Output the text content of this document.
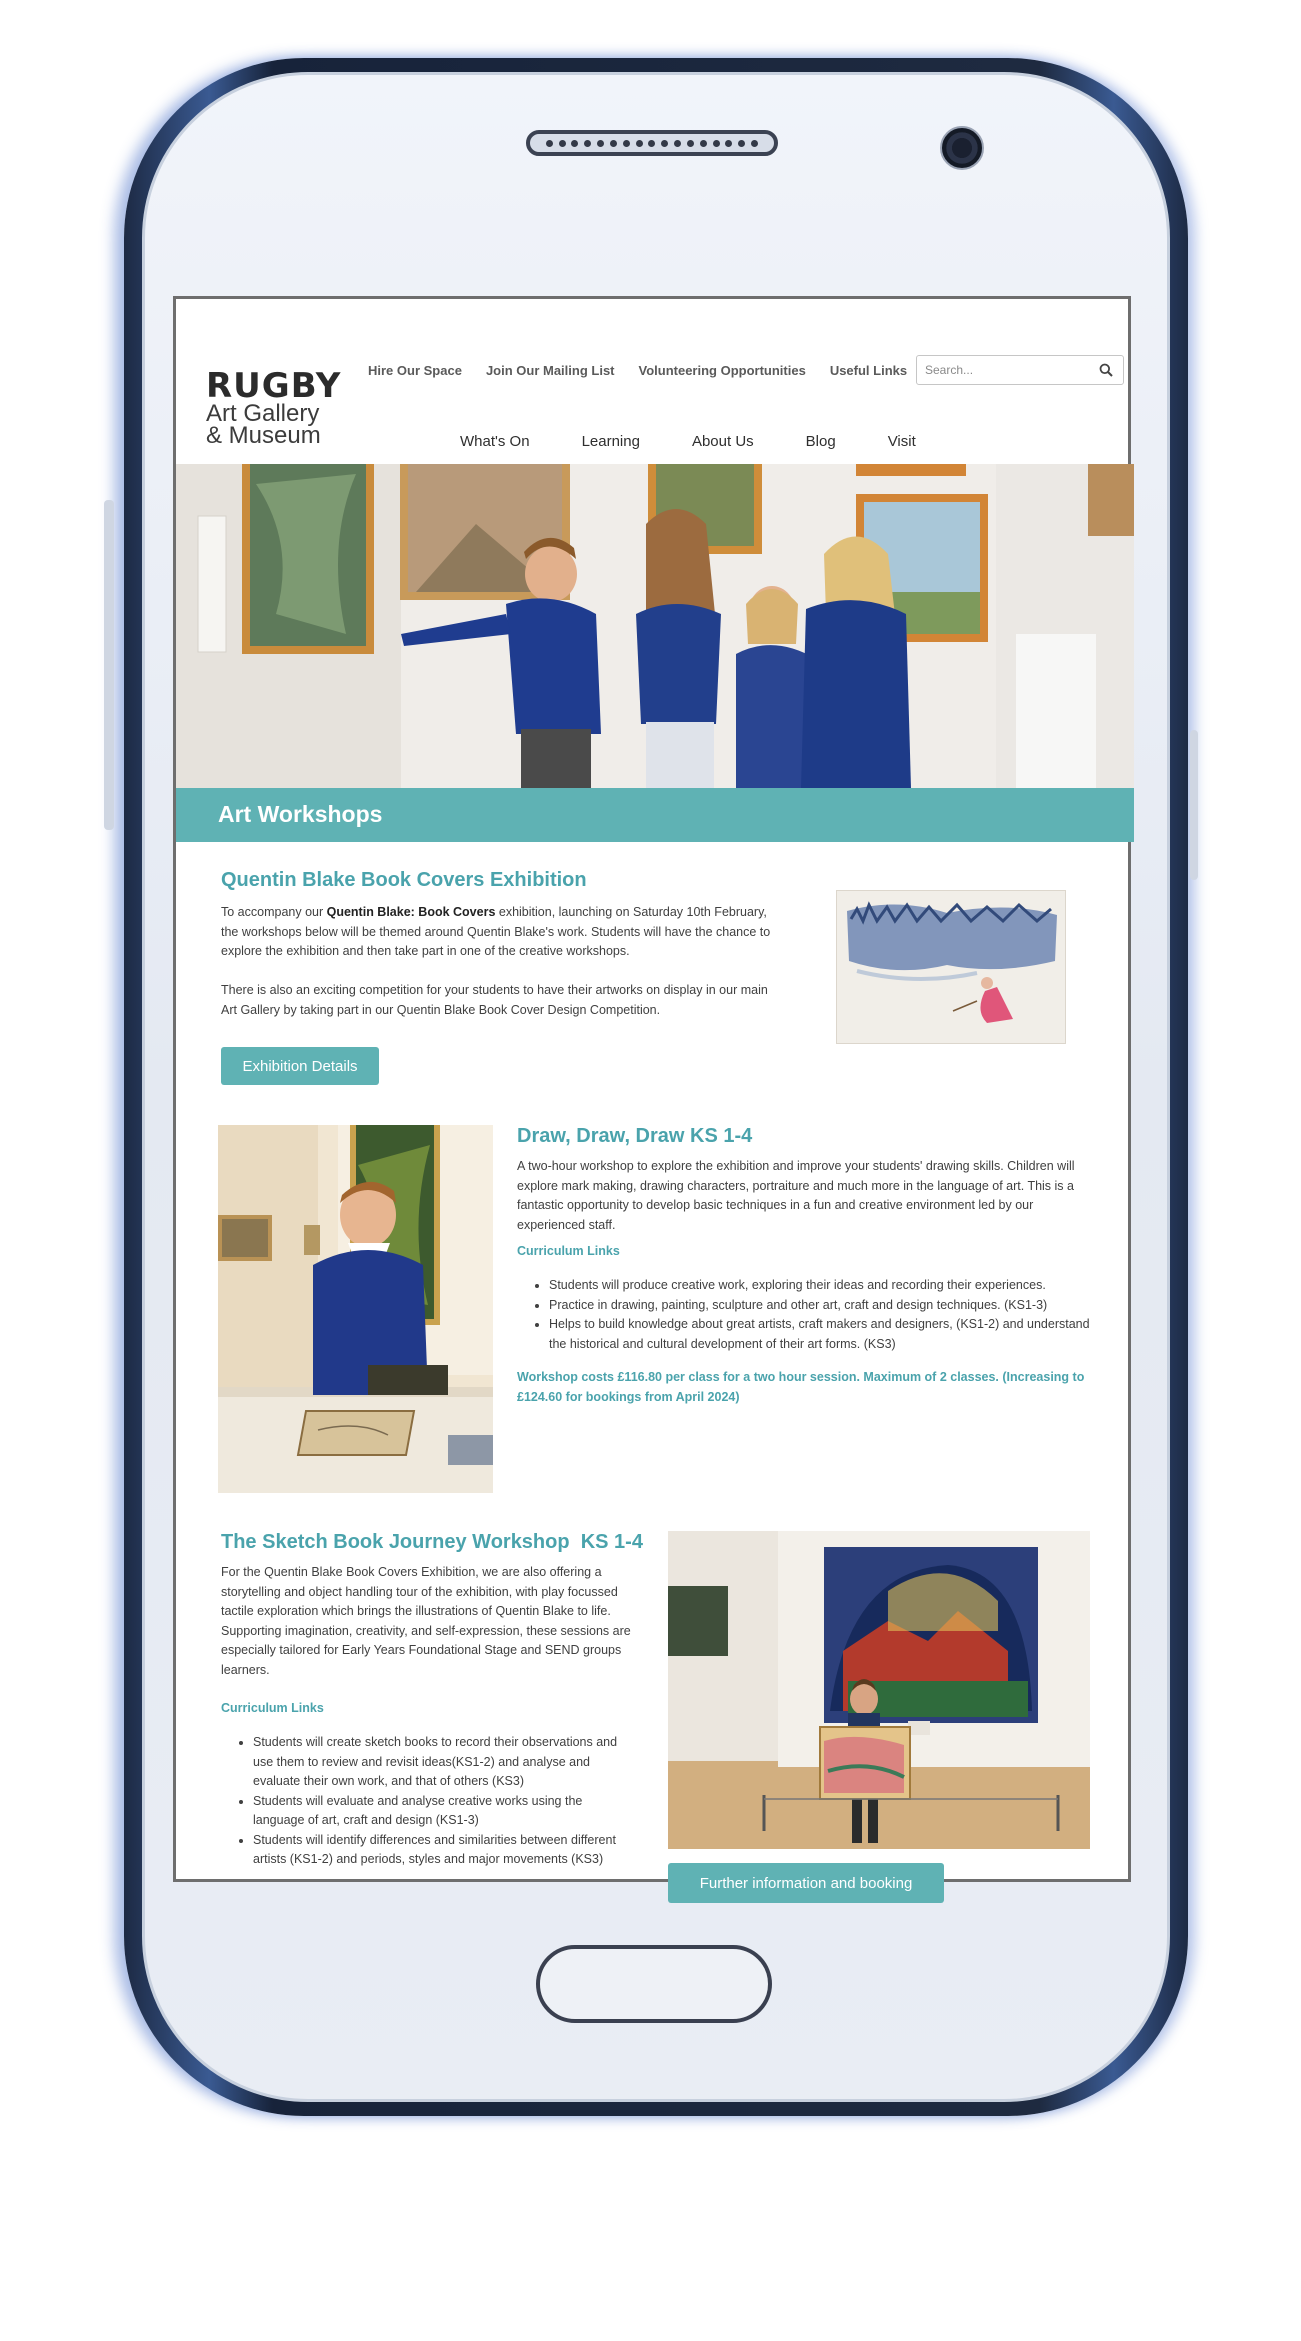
RUGBY
Art Gallery
& Museum
Hire Our Space Join Our Mailing List Volunteering Opportunities Useful Links
Search...
What's On	Learning	About Us	Blog	Visit
Art Workshops
Quentin Blake Book Covers Exhibition

To accompany our Quentin Blake: Book Covers exhibition, launching on Saturday 10th February, the workshops below will be themed around Quentin Blake's work. Students will have the chance to explore the exhibition and then take part in one of the creative workshops.

There is also an exciting competition for your students to have their artworks on display in our main Art Gallery by taking part in our Quentin Blake Book Cover Design Competition.

Exhibition Details
Draw, Draw, Draw KS 1-4

A two-hour workshop to explore the exhibition and improve your students' drawing skills. Children will explore mark making, drawing characters, portraiture and much more in the language of art. This is a fantastic opportunity to develop basic techniques in a fun and creative environment led by our experienced staff.

Curriculum Links
• Students will produce creative work, exploring their ideas and recording their experiences.
• Practice in drawing, painting, sculpture and other art, craft and design techniques. (KS1-3)
• Helps to build knowledge about great artists, craft makers and designers, (KS1-2) and understand the historical and cultural development of their art forms. (KS3)

Workshop costs £116.80 per class for a two hour session. Maximum of 2 classes. (Increasing to £124.60 for bookings from April 2024)

The Sketch Book Journey Workshop  KS 1-4

For the Quentin Blake Book Covers Exhibition, we are also offering a storytelling and object handling tour of the exhibition, with play focussed tactile exploration which brings the illustrations of Quentin Blake to life. Supporting imagination, creativity, and self-expression, these sessions are especially tailored for Early Years Foundational Stage and SEND groups learners.

Curriculum Links
• Students will create sketch books to record their observations and use them to review and revisit ideas(KS1-2) and analyse and evaluate their own work, and that of others (KS3)
• Students will evaluate and analyse creative works using the language of art, craft and design (KS1-3)
• Students will identify differences and similarities between different artists (KS1-2) and periods, styles and major movements (KS3)
Further information and booking
